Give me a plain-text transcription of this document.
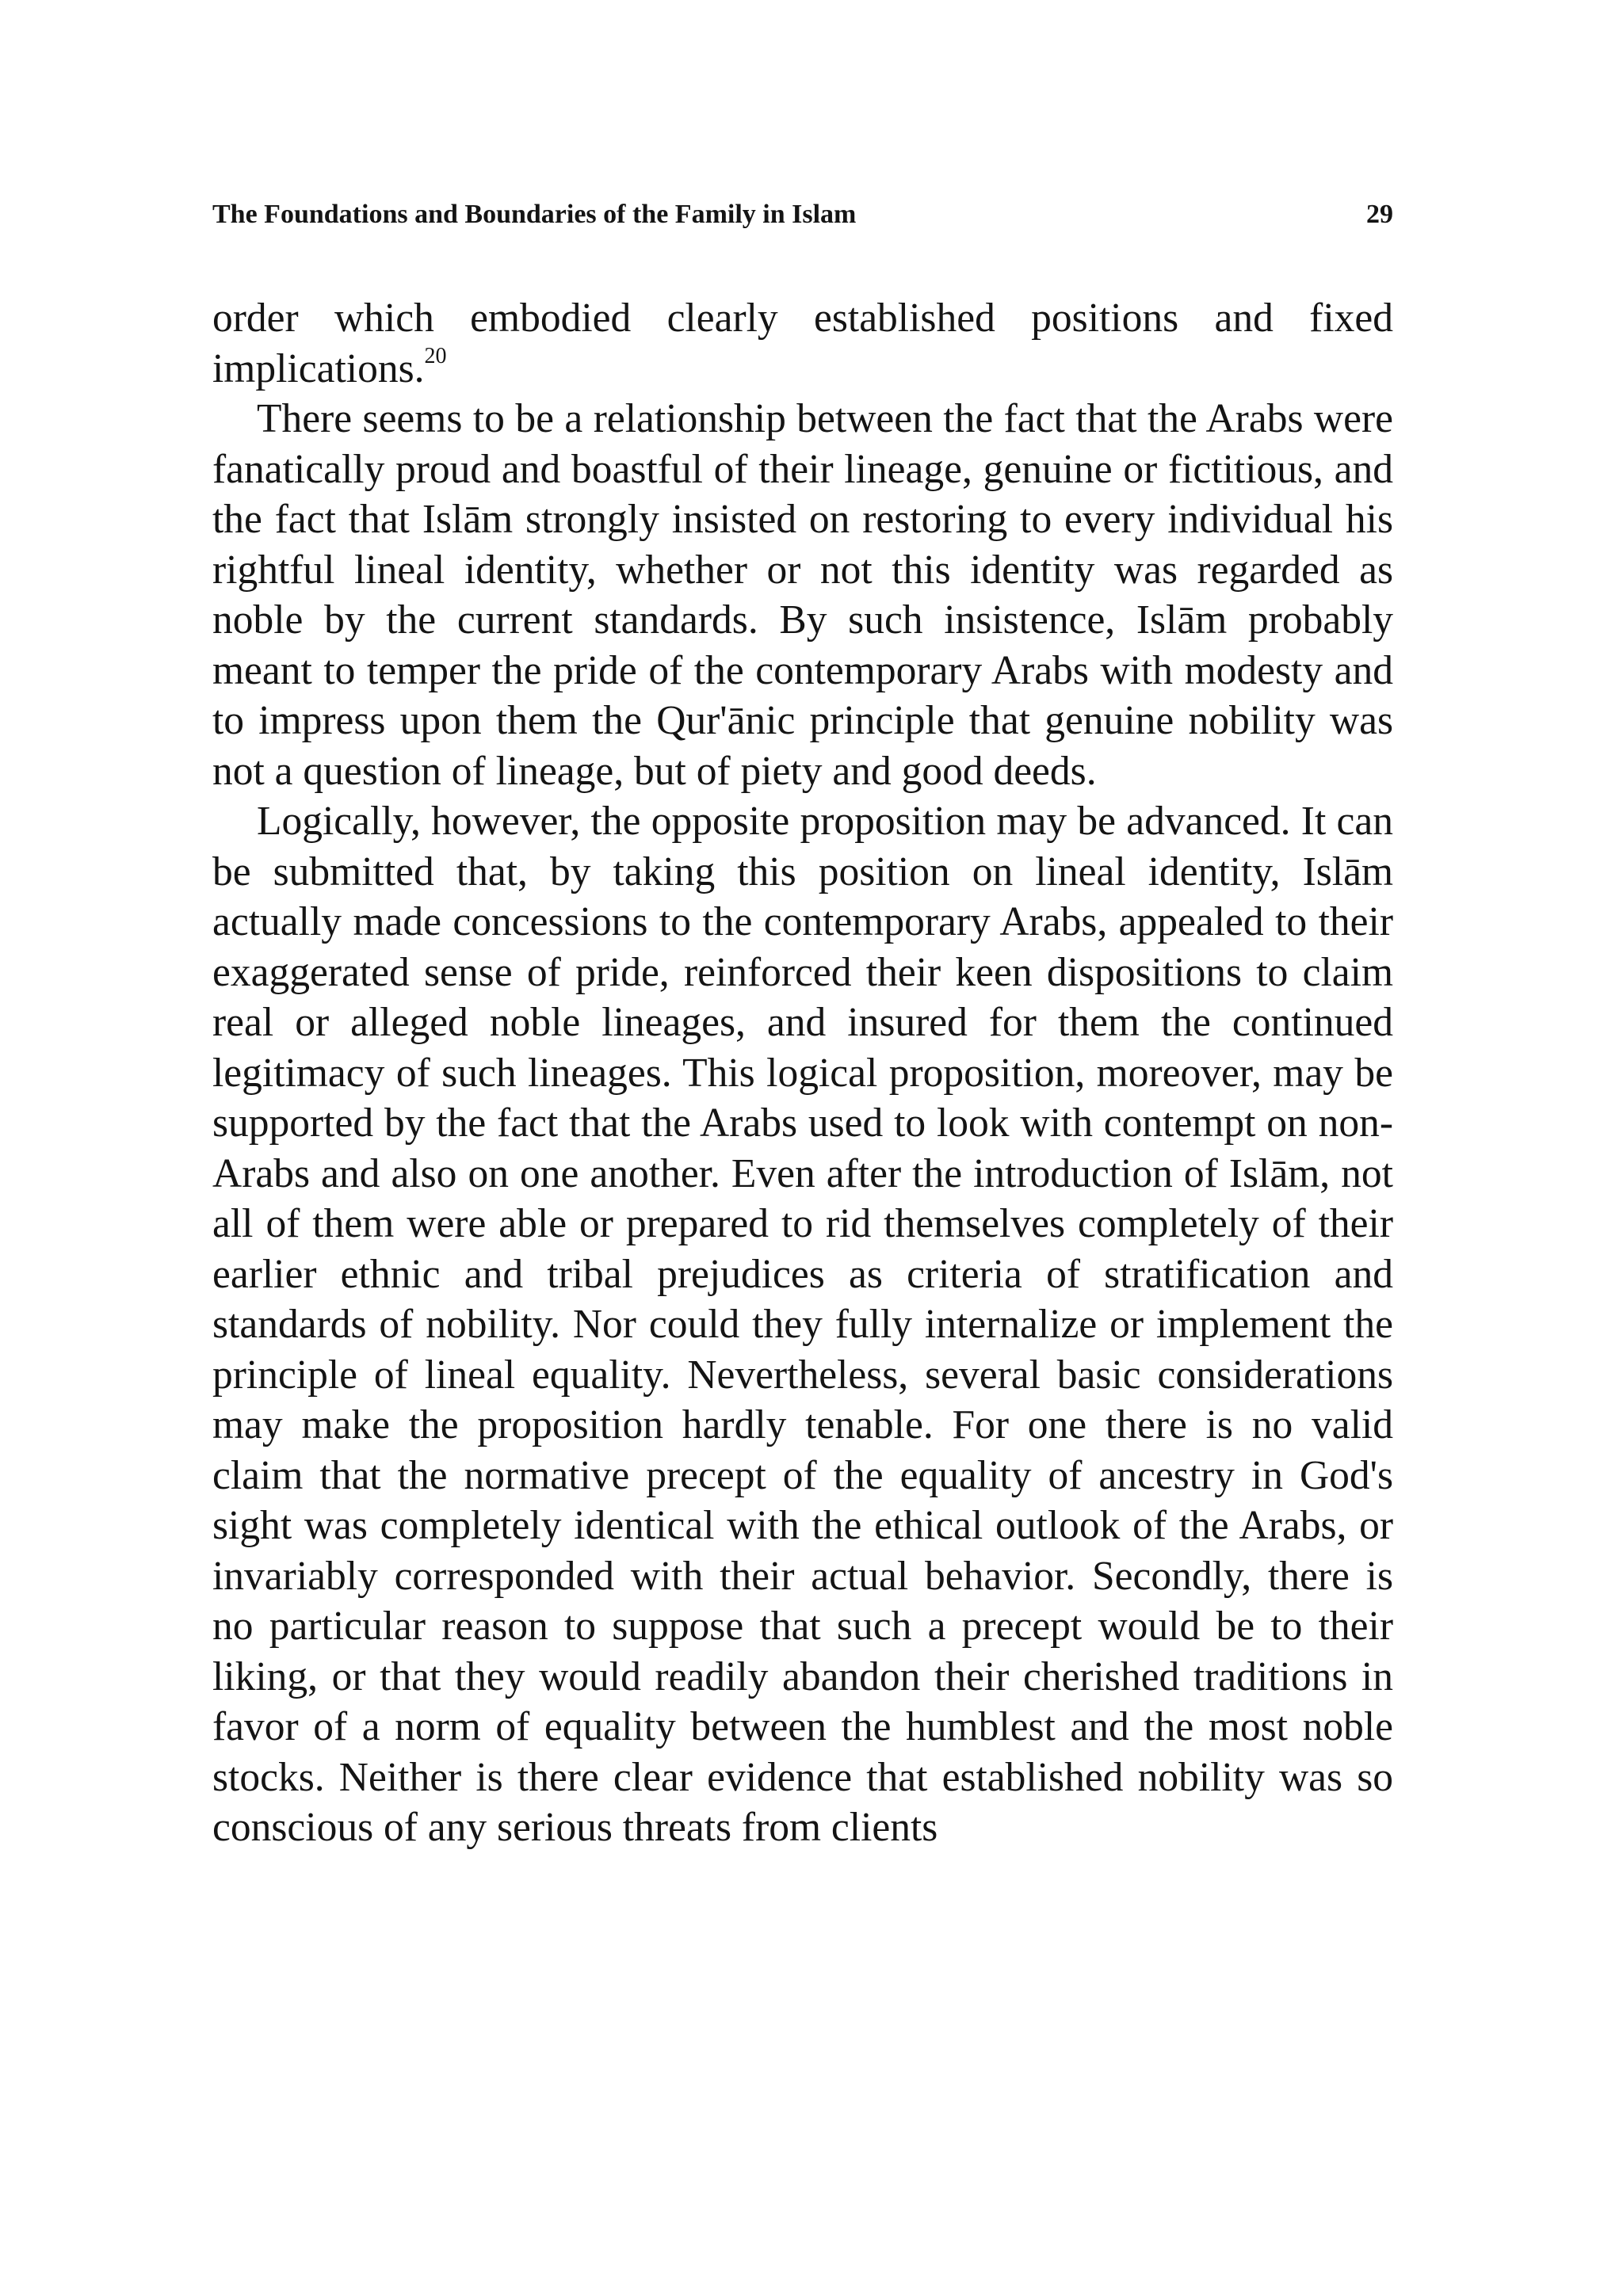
The Foundations and Boundaries of the Family in Islam	29

order which embodied clearly established positions and fixed implications.$^{20}$

There seems to be a relationship between the fact that the Arabs were fanatically proud and boastful of their lineage, genuine or fictitious, and the fact that Islām strongly insisted on restoring to every individual his rightful lineal identity, whether or not this identity was regarded as noble by the current standards. By such insistence, Islām probably meant to temper the pride of the contemporary Arabs with modesty and to impress upon them the Qur'ānic principle that genuine nobility was not a question of lineage, but of piety and good deeds.

Logically, however, the opposite proposition may be advanced. It can be submitted that, by taking this position on lineal identity, Islām actually made concessions to the contemporary Arabs, appealed to their exaggerated sense of pride, reinforced their keen dispositions to claim real or alleged noble lineages, and insured for them the continued legitimacy of such lineages. This logical proposition, moreover, may be supported by the fact that the Arabs used to look with contempt on non-Arabs and also on one another. Even after the introduction of Islām, not all of them were able or prepared to rid themselves completely of their earlier ethnic and tribal prejudices as criteria of stratification and standards of nobility. Nor could they fully internalize or implement the principle of lineal equality. Nevertheless, several basic considerations may make the proposition hardly tenable. For one there is no valid claim that the normative precept of the equality of ancestry in God's sight was completely identical with the ethical outlook of the Arabs, or invariably corresponded with their actual behavior. Secondly, there is no particular reason to suppose that such a precept would be to their liking, or that they would readily abandon their cherished traditions in favor of a norm of equality between the humblest and the most noble stocks. Neither is there clear evidence that established nobility was so conscious of any serious threats from clients
